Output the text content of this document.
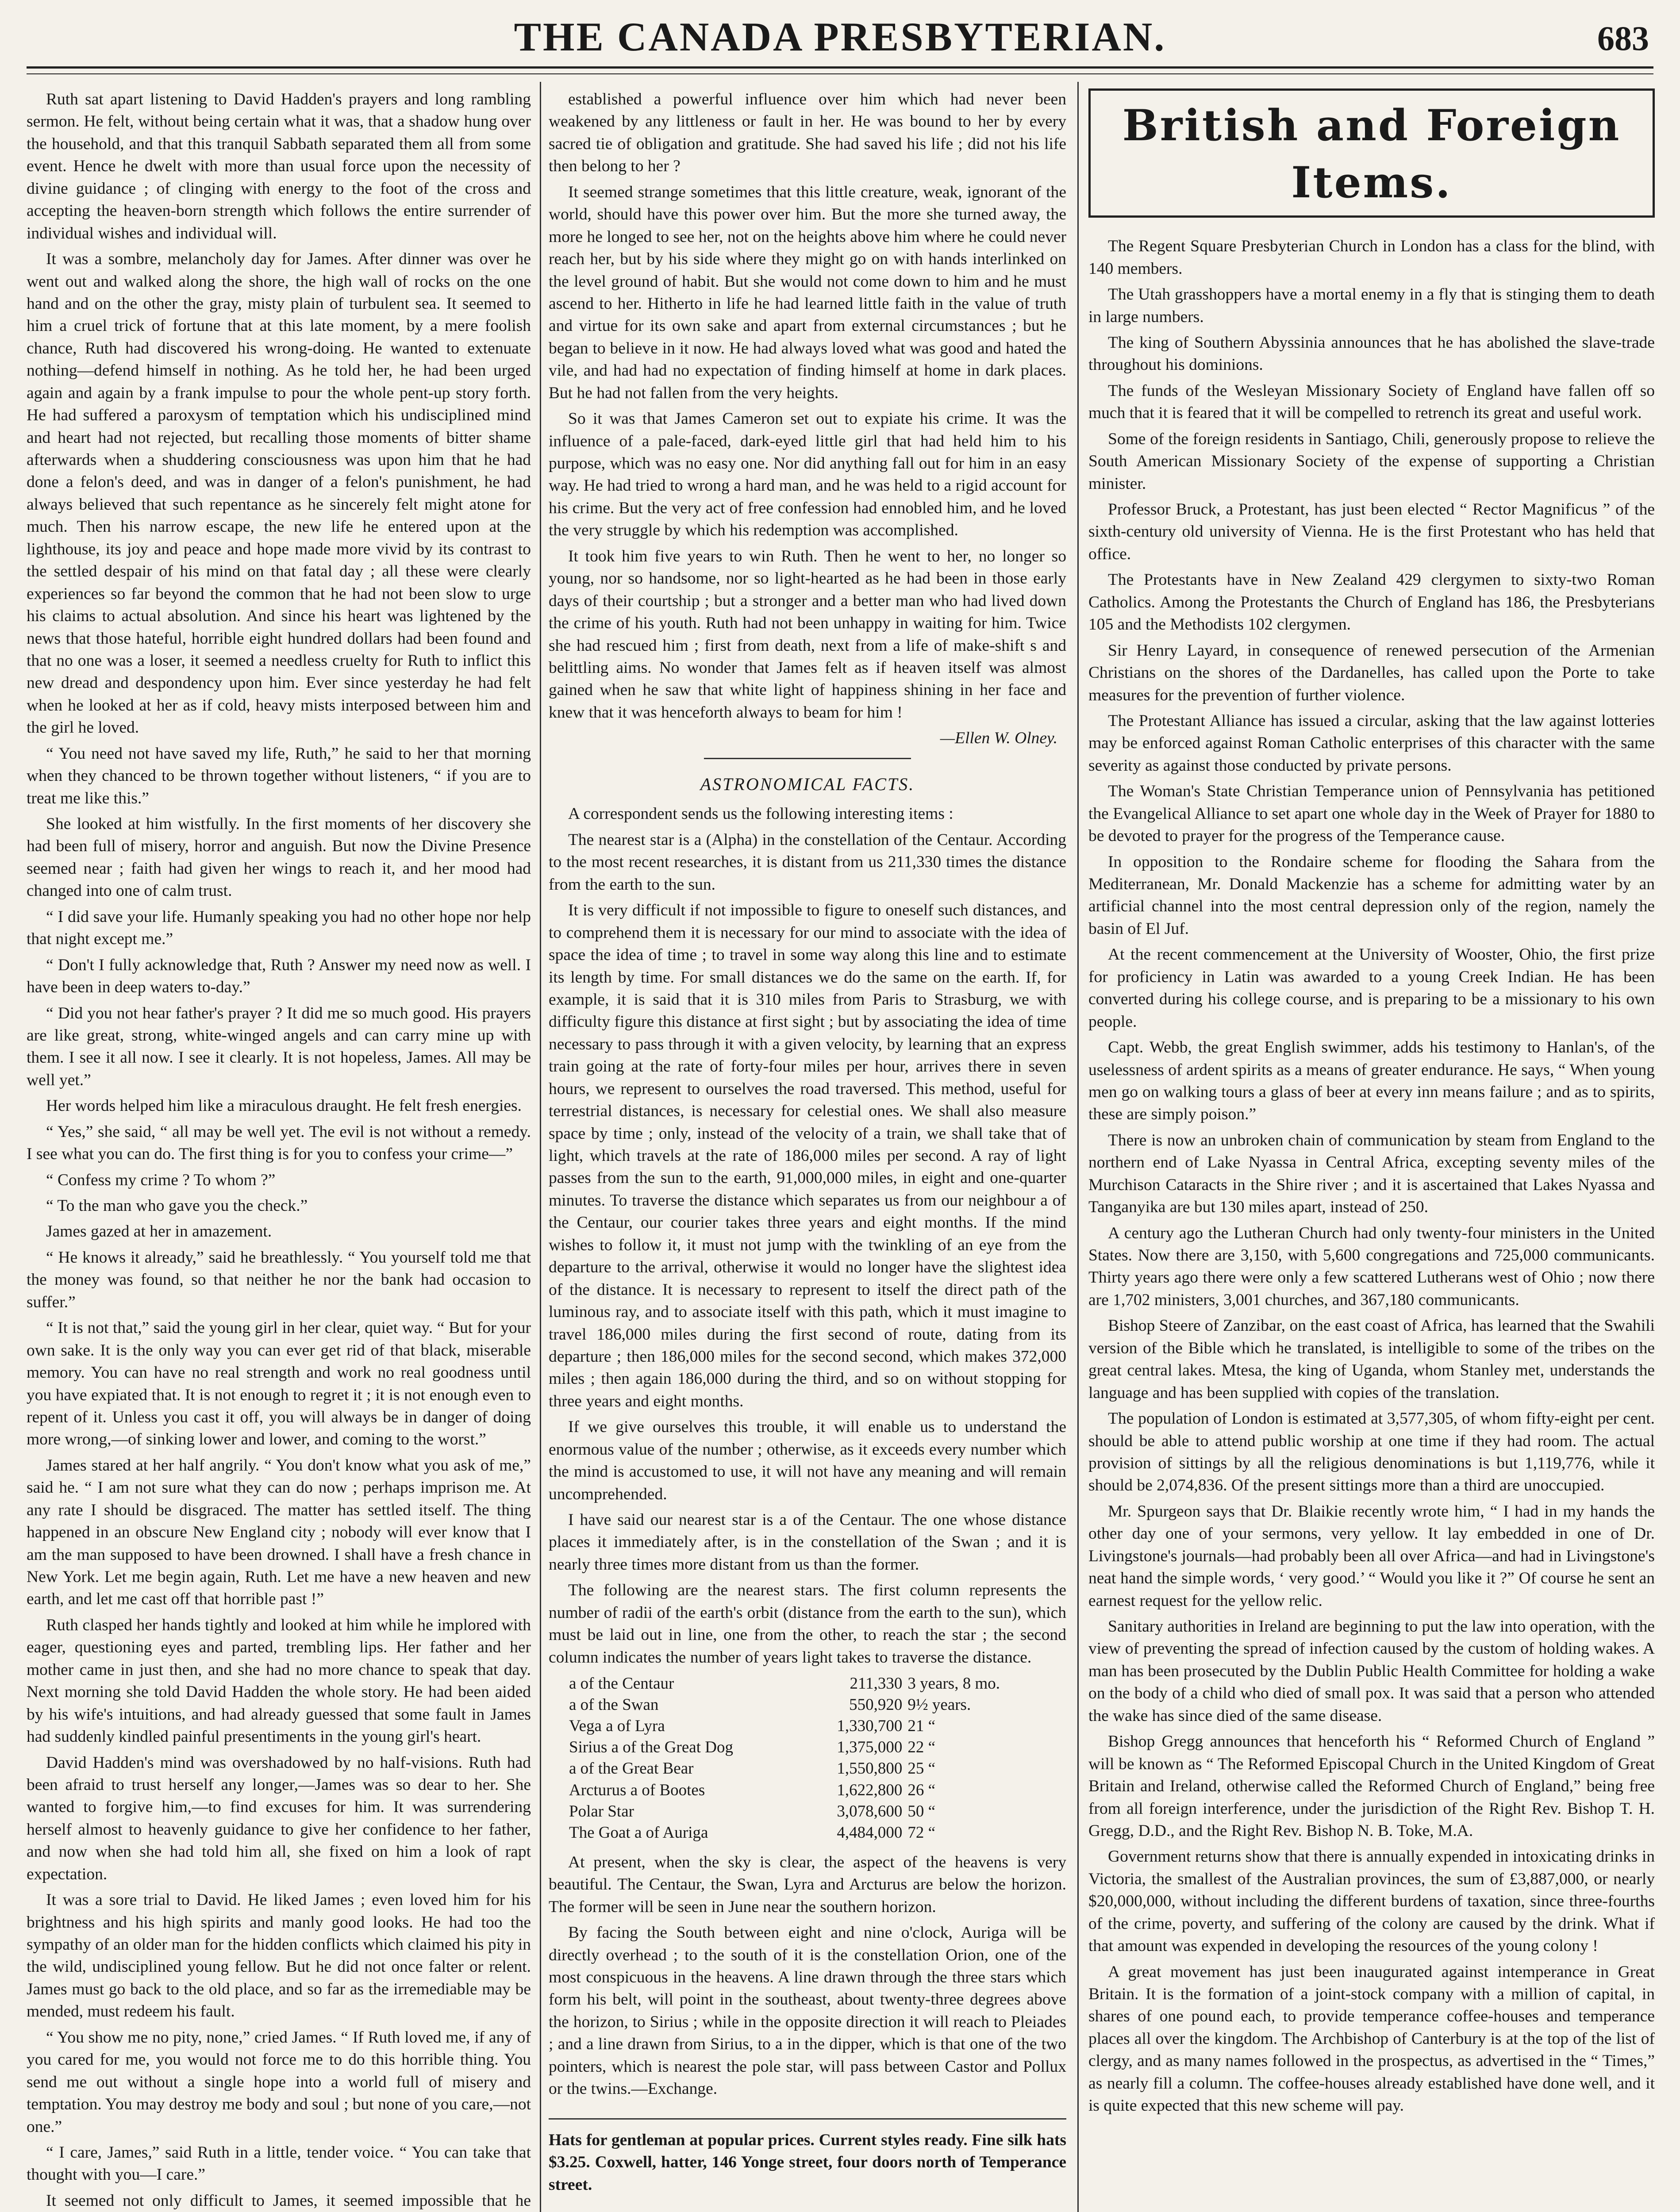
THE CANADA PRESBYTERIAN.	683

Ruth sat apart listening to David Hadden's prayers and long rambling sermon. He felt, without being certain what it was, that a shadow hung over the household, and that this tranquil Sabbath separated them all from some event. Hence he dwelt with more than usual force upon the necessity of divine guidance ; of clinging with energy to the foot of the cross and accepting the heaven-born strength which follows the entire surrender of individual wishes and individual will.

It was a sombre, melancholy day for James. After dinner was over he went out and walked along the shore, the high wall of rocks on the one hand and on the other the gray, misty plain of turbulent sea. It seemed to him a cruel trick of fortune that at this late moment, by a mere foolish chance, Ruth had discovered his wrong-doing. He wanted to extenuate nothing—defend himself in nothing. As he told her, he had been urged again and again by a frank impulse to pour the whole pent-up story forth. He had suffered a paroxysm of temptation which his undisciplined mind and heart had not rejected, but recalling those moments of bitter shame afterwards when a shuddering consciousness was upon him that he had done a felon's deed, and was in danger of a felon's punishment, he had always believed that such repentance as he sincerely felt might atone for much. Then his narrow escape, the new life he entered upon at the lighthouse, its joy and peace and hope made more vivid by its contrast to the settled despair of his mind on that fatal day ; all these were clearly experiences so far beyond the common that he had not been slow to urge his claims to actual absolution. And since his heart was lightened by the news that those hateful, horrible eight hundred dollars had been found and that no one was a loser, it seemed a needless cruelty for Ruth to inflict this new dread and despondency upon him. Ever since yesterday he had felt when he looked at her as if cold, heavy mists interposed between him and the girl he loved.

“ You need not have saved my life, Ruth,” he said to her that morning when they chanced to be thrown together without listeners, “ if you are to treat me like this.”

She looked at him wistfully. In the first moments of her discovery she had been full of misery, horror and anguish. But now the Divine Presence seemed near ; faith had given her wings to reach it, and her mood had changed into one of calm trust.

“ I did save your life. Humanly speaking you had no other hope nor help that night except me.”

“ Don't I fully acknowledge that, Ruth ? Answer my need now as well. I have been in deep waters to-day.”

“ Did you not hear father's prayer ? It did me so much good. His prayers are like great, strong, white-winged angels and can carry mine up with them. I see it all now. I see it clearly. It is not hopeless, James. All may be well yet.”

Her words helped him like a miraculous draught. He felt fresh energies.

“ Yes,” she said, “ all may be well yet. The evil is not without a remedy. I see what you can do. The first thing is for you to confess your crime—”

“ Confess my crime ? To whom ?”

“ To the man who gave you the check.”

James gazed at her in amazement.

“ He knows it already,” said he breathlessly. “ You yourself told me that the money was found, so that neither he nor the bank had occasion to suffer.”

“ It is not that,” said the young girl in her clear, quiet way. “ But for your own sake. It is the only way you can ever get rid of that black, miserable memory. You can have no real strength and work no real goodness until you have expiated that. It is not enough to regret it ; it is not enough even to repent of it. Unless you cast it off, you will always be in danger of doing more wrong,—of sinking lower and lower, and coming to the worst.”

James stared at her half angrily. “ You don't know what you ask of me,” said he. “ I am not sure what they can do now ; perhaps imprison me. At any rate I should be disgraced. The matter has settled itself. The thing happened in an obscure New England city ; nobody will ever know that I am the man supposed to have been drowned. I shall have a fresh chance in New York. Let me begin again, Ruth. Let me have a new heaven and new earth, and let me cast off that horrible past !”

Ruth clasped her hands tightly and looked at him while he implored with eager, questioning eyes and parted, trembling lips. Her father and her mother came in just then, and she had no more chance to speak that day. Next morning she told David Hadden the whole story. He had been aided by his wife's intuitions, and had already guessed that some fault in James had suddenly kindled painful presentiments in the young girl's heart.

David Hadden's mind was overshadowed by no half-visions. Ruth had been afraid to trust herself any longer,—James was so dear to her. She wanted to forgive him,—to find excuses for him. It was surrendering herself almost to heavenly guidance to give her confidence to her father, and now when she had told him all, she fixed on him a look of rapt expectation.

It was a sore trial to David. He liked James ; even loved him for his brightness and his high spirits and manly good looks. He had too the sympathy of an older man for the hidden conflicts which claimed his pity in the wild, undisciplined young fellow. But he did not once falter or relent. James must go back to the old place, and so far as the irremediable may be mended, must redeem his fault.

“ You show me no pity, none,” cried James. “ If Ruth loved me, if any of you cared for me, you would not force me to do this horrible thing. You send me out without a single hope into a world full of misery and temptation. You may destroy me body and soul ; but none of you care,—not one.”

“ I care, James,” said Ruth in a little, tender voice. “ You can take that thought with you—I care.”

It seemed not only difficult to James, it seemed impossible that he

established a powerful influence over him which had never been weakened by any littleness or fault in her. He was bound to her by every sacred tie of obligation and gratitude. She had saved his life ; did not his life then belong to her ?

It seemed strange sometimes that this little creature, weak, ignorant of the world, should have this power over him. But the more she turned away, the more he longed to see her, not on the heights above him where he could never reach her, but by his side where they might go on with hands interlinked on the level ground of habit. But she would not come down to him and he must ascend to her. Hitherto in life he had learned little faith in the value of truth and virtue for its own sake and apart from external circumstances ; but he began to believe in it now. He had always loved what was good and hated the vile, and had had no expectation of finding himself at home in dark places. But he had not fallen from the very heights.

So it was that James Cameron set out to expiate his crime. It was the influence of a pale-faced, dark-eyed little girl that had held him to his purpose, which was no easy one. Nor did anything fall out for him in an easy way. He had tried to wrong a hard man, and he was held to a rigid account for his crime. But the very act of free confession had ennobled him, and he loved the very struggle by which his redemption was accomplished.

It took him five years to win Ruth. Then he went to her, no longer so young, nor so handsome, nor so light-hearted as he had been in those early days of their courtship ; but a stronger and a better man who had lived down the crime of his youth. Ruth had not been unhappy in waiting for him. Twice she had rescued him ; first from death, next from a life of make-shift s and belittling aims. No wonder that James felt as if heaven itself was almost gained when he saw that white light of happiness shining in her face and knew that it was henceforth always to beam for him !

—Ellen W. Olney.
ASTRONOMICAL FACTS.

A correspondent sends us the following interesting items :

The nearest star is a (Alpha) in the constellation of the Centaur. According to the most recent researches, it is distant from us 211,330 times the distance from the earth to the sun.

It is very difficult if not impossible to figure to oneself such distances, and to comprehend them it is necessary for our mind to associate with the idea of space the idea of time ; to travel in some way along this line and to estimate its length by time. For small distances we do the same on the earth. If, for example, it is said that it is 310 miles from Paris to Strasburg, we with difficulty figure this distance at first sight ; but by associating the idea of time necessary to pass through it with a given velocity, by learning that an express train going at the rate of forty-four miles per hour, arrives there in seven hours, we represent to ourselves the road traversed. This method, useful for terrestrial distances, is necessary for celestial ones. We shall also measure space by time ; only, instead of the velocity of a train, we shall take that of light, which travels at the rate of 186,000 miles per second. A ray of light passes from the sun to the earth, 91,000,000 miles, in eight and one-quarter minutes. To traverse the distance which separates us from our neighbour a of the Centaur, our courier takes three years and eight months. If the mind wishes to follow it, it must not jump with the twinkling of an eye from the departure to the arrival, otherwise it would no longer have the slightest idea of the distance. It is necessary to represent to itself the direct path of the luminous ray, and to associate itself with this path, which it must imagine to travel 186,000 miles during the first second of route, dating from its departure ; then 186,000 miles for the second second, which makes 372,000 miles ; then again 186,000 during the third, and so on without stopping for three years and eight months.

If we give ourselves this trouble, it will enable us to understand the enormous value of the number ; otherwise, as it exceeds every number which the mind is accustomed to use, it will not have any meaning and will remain uncomprehended.

I have said our nearest star is a of the Centaur. The one whose distance places it immediately after, is in the constellation of the Swan ; and it is nearly three times more distant from us than the former.

The following are the nearest stars. The first column represents the number of radii of the earth's orbit (distance from the earth to the sun), which must be laid out in line, one from the other, to reach the star ; the second column indicates the number of years light takes to traverse the distance.

a of the Centaur	211,330	3 years, 8 mo.
a of the Swan	550,920	9½ years.
Vega a of Lyra	1,330,700	21 “
Sirius a of the Great Dog	1,375,000	22 “
a of the Great Bear	1,550,800	25 “
Arcturus a of Bootes	1,622,800	26 “
Polar Star	3,078,600	50 “
The Goat a of Auriga	4,484,000	72 “

At present, when the sky is clear, the aspect of the heavens is very beautiful. The Centaur, the Swan, Lyra and Arcturus are below the horizon. The former will be seen in June near the southern horizon.

By facing the South between eight and nine o'clock, Auriga will be directly overhead ; to the south of it is the constellation Orion, one of the most conspicuous in the heavens. A line drawn through the three stars which form his belt, will point in the southeast, about twenty-three degrees above the horizon, to Sirius ; while in the opposite direction it will reach to Pleiades ; and a line drawn from Sirius, to a in the dipper, which is that one of the two pointers, which is nearest the pole star, will pass between Castor and Pollux or the twins.—Exchange.

Hats for gentleman at popular prices. Current styles ready. Fine silk hats $3.25. Coxwell, hatter, 146 Yonge street, four doors north of Temperance street.
British and Foreign Items.

The Regent Square Presbyterian Church in London has a class for the blind, with 140 members.

The Utah grasshoppers have a mortal enemy in a fly that is stinging them to death in large numbers.

The king of Southern Abyssinia announces that he has abolished the slave-trade throughout his dominions.

The funds of the Wesleyan Missionary Society of England have fallen off so much that it is feared that it will be compelled to retrench its great and useful work.

Some of the foreign residents in Santiago, Chili, generously propose to relieve the South American Missionary Society of the expense of supporting a Christian minister.

Professor Bruck, a Protestant, has just been elected “ Rector Magnificus ” of the sixth-century old university of Vienna. He is the first Protestant who has held that office.

The Protestants have in New Zealand 429 clergymen to sixty-two Roman Catholics. Among the Protestants the Church of England has 186, the Presbyterians 105 and the Methodists 102 clergymen.

Sir Henry Layard, in consequence of renewed persecution of the Armenian Christians on the shores of the Dardanelles, has called upon the Porte to take measures for the prevention of further violence.

The Protestant Alliance has issued a circular, asking that the law against lotteries may be enforced against Roman Catholic enterprises of this character with the same severity as against those conducted by private persons.

The Woman's State Christian Temperance union of Pennsylvania has petitioned the Evangelical Alliance to set apart one whole day in the Week of Prayer for 1880 to be devoted to prayer for the progress of the Temperance cause.

In opposition to the Rondaire scheme for flooding the Sahara from the Mediterranean, Mr. Donald Mackenzie has a scheme for admitting water by an artificial channel into the most central depression only of the region, namely the basin of El Juf.

At the recent commencement at the University of Wooster, Ohio, the first prize for proficiency in Latin was awarded to a young Creek Indian. He has been converted during his college course, and is preparing to be a missionary to his own people.

Capt. Webb, the great English swimmer, adds his testimony to Hanlan's, of the uselessness of ardent spirits as a means of greater endurance. He says, “ When young men go on walking tours a glass of beer at every inn means failure ; and as to spirits, these are simply poison.”

There is now an unbroken chain of communication by steam from England to the northern end of Lake Nyassa in Central Africa, excepting seventy miles of the Murchison Cataracts in the Shire river ; and it is ascertained that Lakes Nyassa and Tanganyika are but 130 miles apart, instead of 250.

A century ago the Lutheran Church had only twenty-four ministers in the United States. Now there are 3,150, with 5,600 congregations and 725,000 communicants. Thirty years ago there were only a few scattered Lutherans west of Ohio ; now there are 1,702 ministers, 3,001 churches, and 367,180 communicants.

Bishop Steere of Zanzibar, on the east coast of Africa, has learned that the Swahili version of the Bible which he translated, is intelligible to some of the tribes on the great central lakes. Mtesa, the king of Uganda, whom Stanley met, understands the language and has been supplied with copies of the translation.

The population of London is estimated at 3,577,305, of whom fifty-eight per cent. should be able to attend public worship at one time if they had room. The actual provision of sittings by all the religious denominations is but 1,119,776, while it should be 2,074,836. Of the present sittings more than a third are unoccupied.

Mr. Spurgeon says that Dr. Blaikie recently wrote him, “ I had in my hands the other day one of your sermons, very yellow. It lay embedded in one of Dr. Livingstone's journals—had probably been all over Africa—and had in Livingstone's neat hand the simple words, ‘ very good.’ “ Would you like it ?” Of course he sent an earnest request for the yellow relic.

Sanitary authorities in Ireland are beginning to put the law into operation, with the view of preventing the spread of infection caused by the custom of holding wakes. A man has been prosecuted by the Dublin Public Health Committee for holding a wake on the body of a child who died of small pox. It was said that a person who attended the wake has since died of the same disease.

Bishop Gregg announces that henceforth his “ Reformed Church of England ” will be known as “ The Reformed Episcopal Church in the United Kingdom of Great Britain and Ireland, otherwise called the Reformed Church of England,” being free from all foreign interference, under the jurisdiction of the Right Rev. Bishop T. H. Gregg, D.D., and the Right Rev. Bishop N. B. Toke, M.A.

Government returns show that there is annually expended in intoxicating drinks in Victoria, the smallest of the Australian provinces, the sum of £3,887,000, or nearly $20,000,000, without including the different burdens of taxation, since three-fourths of the crime, poverty, and suffering of the colony are caused by the drink. What if that amount was expended in developing the resources of the young colony !

A great movement has just been inaugurated against intemperance in Great Britain. It is the formation of a joint-stock company with a million of capital, in shares of one pound each, to provide temperance coffee-houses and temperance places all over the kingdom. The Archbishop of Canterbury is at the top of the list of clergy, and as many names followed in the prospectus, as advertised in the “ Times,” as nearly fill a column. The coffee-houses already established have done well, and it is quite expected that this new scheme will pay.
